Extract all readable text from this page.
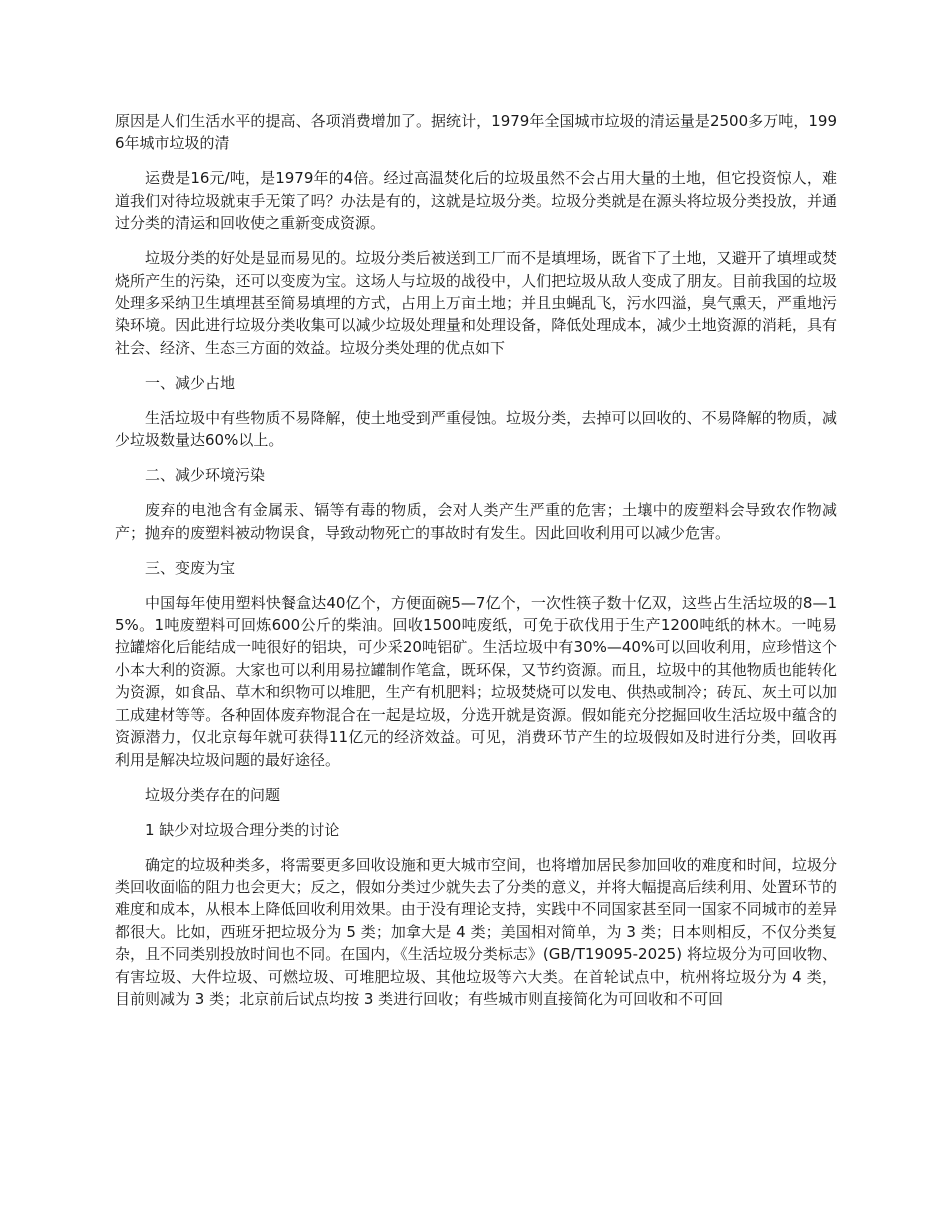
原因是人们生活水平的提高、各项消费增加了。据统计，1979年全国城市垃圾的清运量是2500多万吨，1996年城市垃圾的清

运费是16元/吨，是1979年的4倍。经过高温焚化后的垃圾虽然不会占用大量的土地，但它投资惊人，难道我们对待垃圾就束手无策了吗？办法是有的，这就是垃圾分类。垃圾分类就是在源头将垃圾分类投放，并通过分类的清运和回收使之重新变成资源。

垃圾分类的好处是显而易见的。垃圾分类后被送到工厂而不是填埋场，既省下了土地，又避开了填埋或焚烧所产生的污染，还可以变废为宝。这场人与垃圾的战役中，人们把垃圾从敌人变成了朋友。目前我国的垃圾处理多采纳卫生填埋甚至简易填埋的方式，占用上万亩土地；并且虫蝇乱飞，污水四溢，臭气熏天，严重地污染环境。因此进行垃圾分类收集可以减少垃圾处理量和处理设备，降低处理成本，减少土地资源的消耗，具有社会、经济、生态三方面的效益。垃圾分类处理的优点如下

一、减少占地

生活垃圾中有些物质不易降解，使土地受到严重侵蚀。垃圾分类，去掉可以回收的、不易降解的物质，减少垃圾数量达60%以上。

二、减少环境污染

废弃的电池含有金属汞、镉等有毒的物质，会对人类产生严重的危害；土壤中的废塑料会导致农作物减产；抛弃的废塑料被动物误食，导致动物死亡的事故时有发生。因此回收利用可以减少危害。

三、变废为宝

中国每年使用塑料快餐盒达40亿个，方便面碗5—7亿个，一次性筷子数十亿双，这些占生活垃圾的8—15%。1吨废塑料可回炼600公斤的柴油。回收1500吨废纸，可免于砍伐用于生产1200吨纸的林木。一吨易拉罐熔化后能结成一吨很好的铝块，可少采20吨铝矿。生活垃圾中有30%—40%可以回收利用，应珍惜这个小本大利的资源。大家也可以利用易拉罐制作笔盒，既环保，又节约资源。而且，垃圾中的其他物质也能转化为资源，如食品、草木和织物可以堆肥，生产有机肥料；垃圾焚烧可以发电、供热或制冷；砖瓦、灰土可以加工成建材等等。各种固体废弃物混合在一起是垃圾，分选开就是资源。假如能充分挖掘回收生活垃圾中蕴含的资源潜力，仅北京每年就可获得11亿元的经济效益。可见，消费环节产生的垃圾假如及时进行分类，回收再利用是解决垃圾问题的最好途径。

垃圾分类存在的问题

1 缺少对垃圾合理分类的讨论

确定的垃圾种类多，将需要更多回收设施和更大城市空间，也将增加居民参加回收的难度和时间，垃圾分类回收面临的阻力也会更大；反之，假如分类过少就失去了分类的意义，并将大幅提高后续利用、处置环节的难度和成本，从根本上降低回收利用效果。由于没有理论支持，实践中不同国家甚至同一国家不同城市的差异都很大。比如，西班牙把垃圾分为 5 类；加拿大是 4 类；美国相对简单，为 3 类；日本则相反，不仅分类复杂，且不同类别投放时间也不同。在国内，《生活垃圾分类标志》(GB/T19095-2025) 将垃圾分为可回收物、有害垃圾、大件垃圾、可燃垃圾、可堆肥垃圾、其他垃圾等六大类。在首轮试点中，杭州将垃圾分为 4 类，目前则减为 3 类；北京前后试点均按 3 类进行回收；有些城市则直接简化为可回收和不可回
